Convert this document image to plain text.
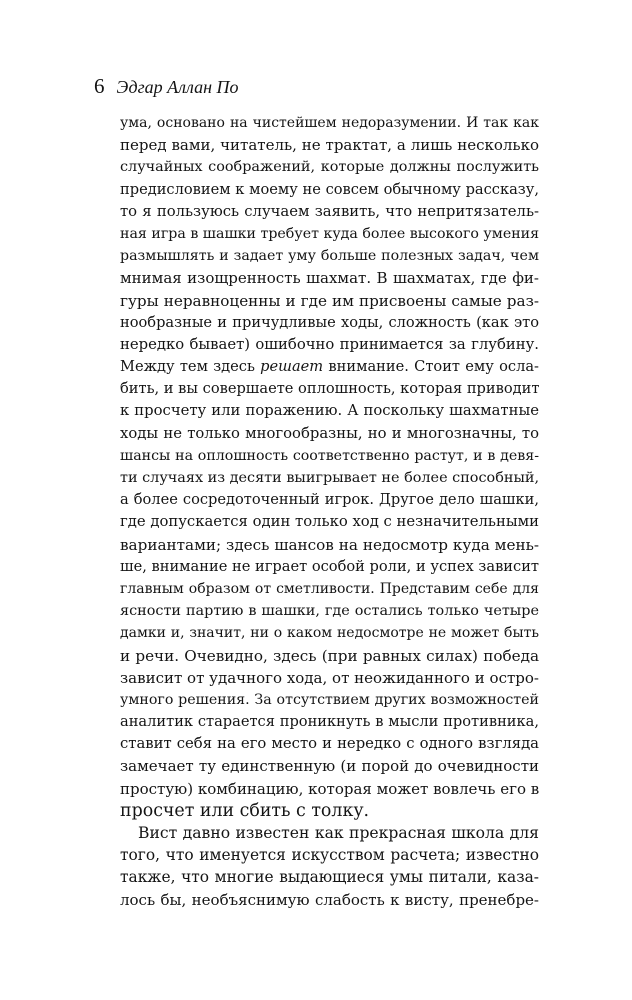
6 Эдгар Аллан По
ума, основано на чистейшем недоразумении. И так как
перед вами, читатель, не трактат, а лишь несколько
случайных соображений, которые должны послужить
предисловием к моему не совсем обычному рассказу,
то я пользуюсь случаем заявить, что непритязатель-
ная игра в шашки требует куда более высокого умения
размышлять и задает уму больше полезных задач, чем
мнимая изощренность шахмат. В шахматах, где фи-
гуры неравноценны и где им присвоены самые раз-
нообразные и причудливые ходы, сложность (как это
нередко бывает) ошибочно принимается за глубину.
Между тем здесь решает внимание. Стоит ему осла-
бить, и вы совершаете оплошность, которая приводит
к просчету или поражению. А поскольку шахматные
ходы не только многообразны, но и многозначны, то
шансы на оплошность соответственно растут, и в девя-
ти случаях из десяти выигрывает не более способный,
а более сосредоточенный игрок. Другое дело шашки,
где допускается один только ход с незначительными
вариантами; здесь шансов на недосмотр куда мень-
ше, внимание не играет особой роли, и успех зависит
главным образом от сметливости. Представим себе для
ясности партию в шашки, где остались только четыре
дамки и, значит, ни о каком недосмотре не может быть
и речи. Очевидно, здесь (при равных силах) победа
зависит от удачного хода, от неожиданного и остро-
умного решения. За отсутствием других возможностей
аналитик старается проникнуть в мысли противника,
ставит себя на его место и нередко с одного взгляда
замечает ту единственную (и порой до очевидности
простую) комбинацию, которая может вовлечь его в
просчет или сбить с толку.
Вист давно известен как прекрасная школа для
того, что именуется искусством расчета; известно
также, что многие выдающиеся умы питали, каза-
лось бы, необъяснимую слабость к висту, пренебре-
